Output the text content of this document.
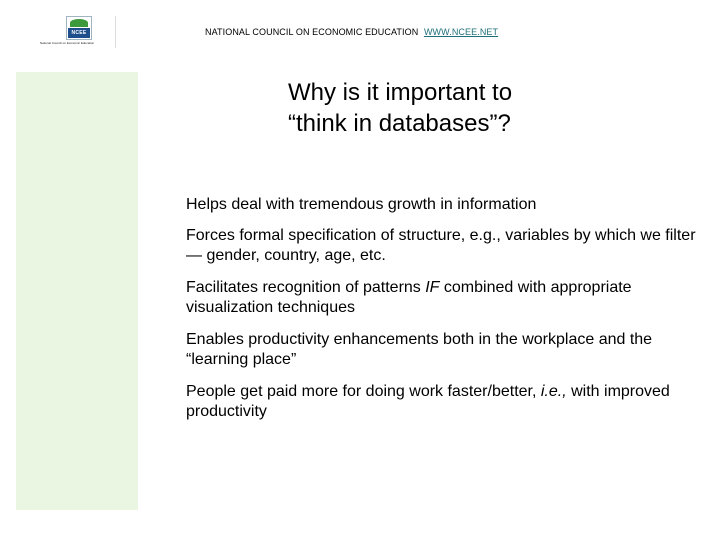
NCEE
National Council on Economic Education
NATIONAL COUNCIL ON ECONOMIC EDUCATION WWW.NCEE.NET
Why is it important to
“think in databases”?
Helps deal with tremendous growth in information
Forces formal specification of structure, e.g., variables by which we filter — gender, country, age, etc.
Facilitates recognition of patterns IF combined with appropriate visualization techniques
Enables productivity enhancements both in the workplace and the “learning place”
People get paid more for doing work faster/better, i.e., with improved productivity
